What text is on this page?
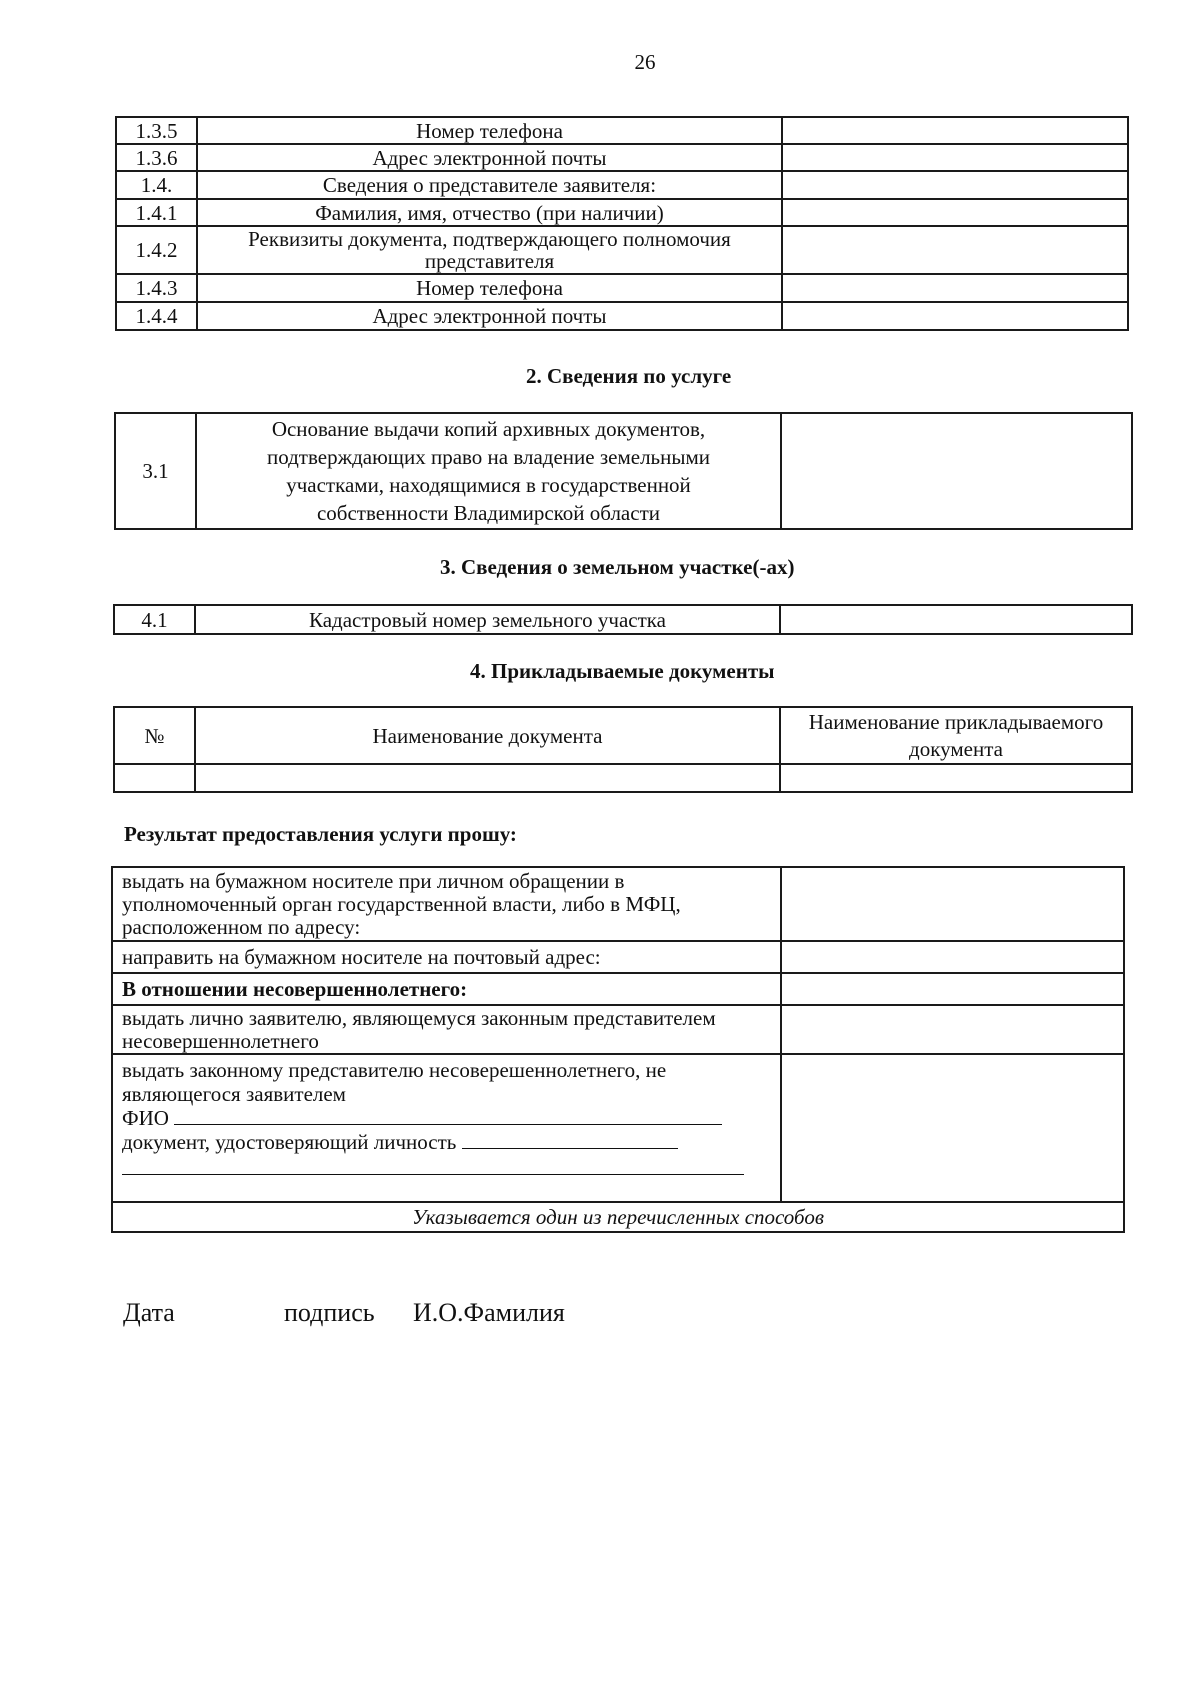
26
1.3.5	Номер телефона	
1.3.6	Адрес электронной почты	
1.4.	Сведения о представителе заявителя:	
1.4.1	Фамилия, имя, отчество (при наличии)	
1.4.2	Реквизиты документа, подтверждающего полномочия представителя	
1.4.3	Номер телефона	
1.4.4	Адрес электронной почты	
2. Сведения по услуге
3.1	Основание выдачи копий архивных документов, подтверждающих право на владение земельными участками, находящимися в государственной собственности Владимирской области	
3. Сведения о земельном участке(-ах)
4.1	Кадастровый номер земельного участка	
4. Прикладываемые документы
№	Наименование документа	Наименование прикладываемого документа

Результат предоставления услуги прошу:
выдать на бумажном носителе при личном обращении в уполномоченный орган государственной власти, либо в МФЦ, расположенном по адресу:	
направить на бумажном носителе на почтовый адрес:	
В отношении несовершеннолетнего:	
выдать лично заявителю, являющемуся законным представителем несовершеннолетнего	

выдать законному представителю несоверешеннолетнего, не являющегося заявителем
ФИО
документ, удостоверяющий личность	

Указывается один из перечисленных способов	
Дата	подпись И.О.Фамилия
